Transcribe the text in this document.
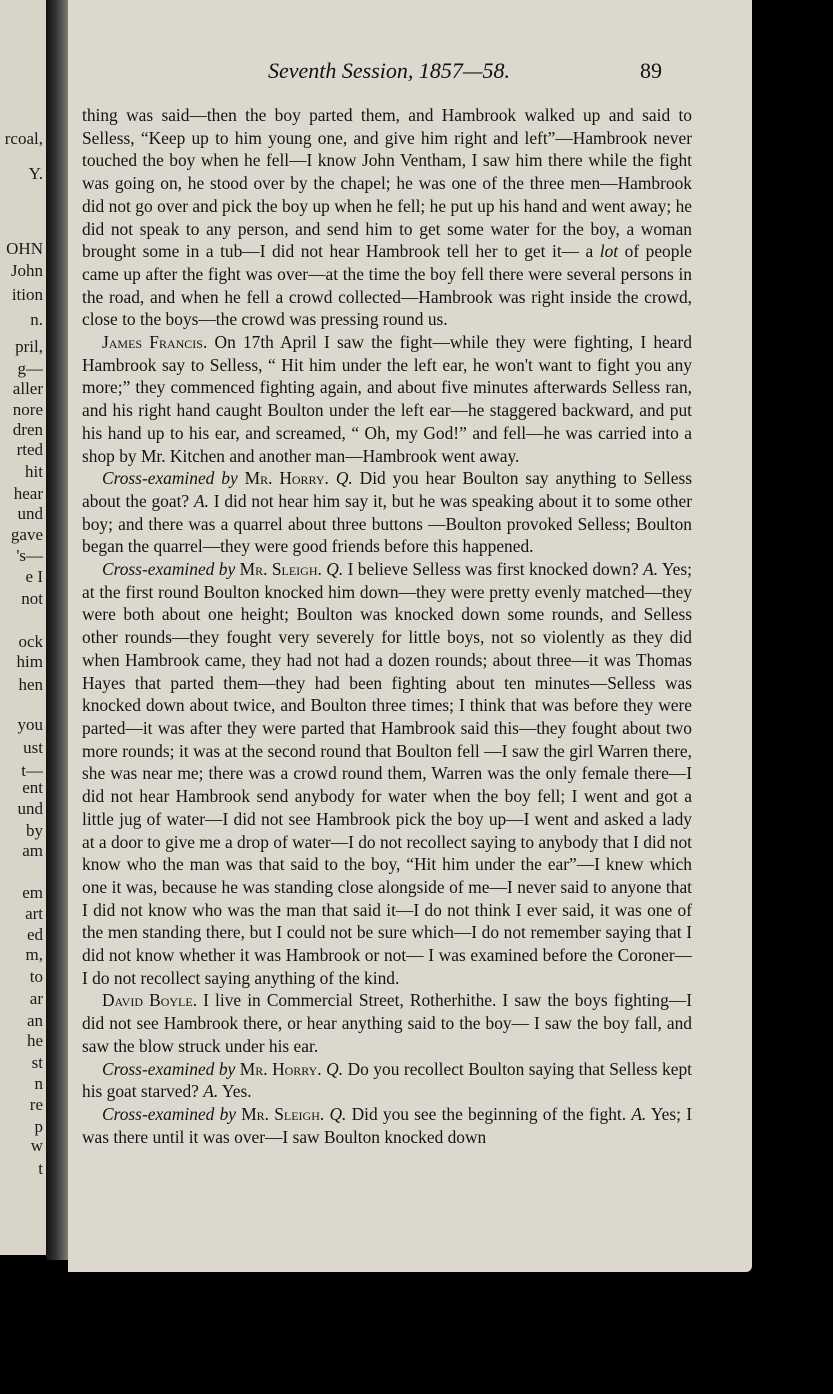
rcoal,
Y.
OHN
John
ition
n.
pril,
g—
aller
nore
dren
rted
hit
hear
und
gave
's—
e I
not
ock
him
hen
you
ust
t—
ent
und
by
am
em
art
ed
m,
to
ar
an
he
st
n
re
p
w
t
Seventh Session, 1857—58.	89

thing was said—then the boy parted them, and Hambrook walked up and said to Selless, “Keep up to him young one, and give him right and left”—Hambrook never touched the boy when he fell—I know John Ventham, I saw him there while the fight was going on, he stood over by the chapel; he was one of the three men—Hambrook did not go over and pick the boy up when he fell; he put up his hand and went away; he did not speak to any person, and send him to get some water for the boy, a woman brought some in a tub—I did not hear Hambrook tell her to get it— a lot of people came up after the fight was over—at the time the boy fell there were several persons in the road, and when he fell a crowd collected—Hambrook was right inside the crowd, close to the boys—the crowd was pressing round us.

James Francis. On 17th April I saw the fight—while they were fighting, I heard Hambrook say to Selless, “ Hit him under the left ear, he won't want to fight you any more;” they commenced fighting again, and about five minutes afterwards Selless ran, and his right hand caught Boulton under the left ear—he staggered backward, and put his hand up to his ear, and screamed, “ Oh, my God!” and fell—he was carried into a shop by Mr. Kitchen and another man—Hambrook went away.

Cross-examined by Mr. Horry. Q. Did you hear Boulton say anything to Selless about the goat? A. I did not hear him say it, but he was speaking about it to some other boy; and there was a quarrel about three buttons —Boulton provoked Selless; Boulton began the quarrel—they were good friends before this happened.

Cross-examined by Mr. Sleigh. Q. I believe Selless was first knocked down? A. Yes; at the first round Boulton knocked him down—they were pretty evenly matched—they were both about one height; Boulton was knocked down some rounds, and Selless other rounds—they fought very severely for little boys, not so violently as they did when Hambrook came, they had not had a dozen rounds; about three—it was Thomas Hayes that parted them—they had been fighting about ten minutes—Selless was knocked down about twice, and Boulton three times; I think that was before they were parted—it was after they were parted that Hambrook said this—they fought about two more rounds; it was at the second round that Boulton fell —I saw the girl Warren there, she was near me; there was a crowd round them, Warren was the only female there—I did not hear Hambrook send anybody for water when the boy fell; I went and got a little jug of water—I did not see Hambrook pick the boy up—I went and asked a lady at a door to give me a drop of water—I do not recollect saying to anybody that I did not know who the man was that said to the boy, “Hit him under the ear”—I knew which one it was, because he was standing close alongside of me—I never said to anyone that I did not know who was the man that said it—I do not think I ever said, it was one of the men standing there, but I could not be sure which—I do not remember saying that I did not know whether it was Hambrook or not— I was examined before the Coroner—I do not recollect saying anything of the kind.

David Boyle. I live in Commercial Street, Rotherhithe. I saw the boys fighting—I did not see Hambrook there, or hear anything said to the boy— I saw the boy fall, and saw the blow struck under his ear.

Cross-examined by Mr. Horry. Q. Do you recollect Boulton saying that Selless kept his goat starved? A. Yes.

Cross-examined by Mr. Sleigh. Q. Did you see the beginning of the fight. A. Yes; I was there until it was over—I saw Boulton knocked down
